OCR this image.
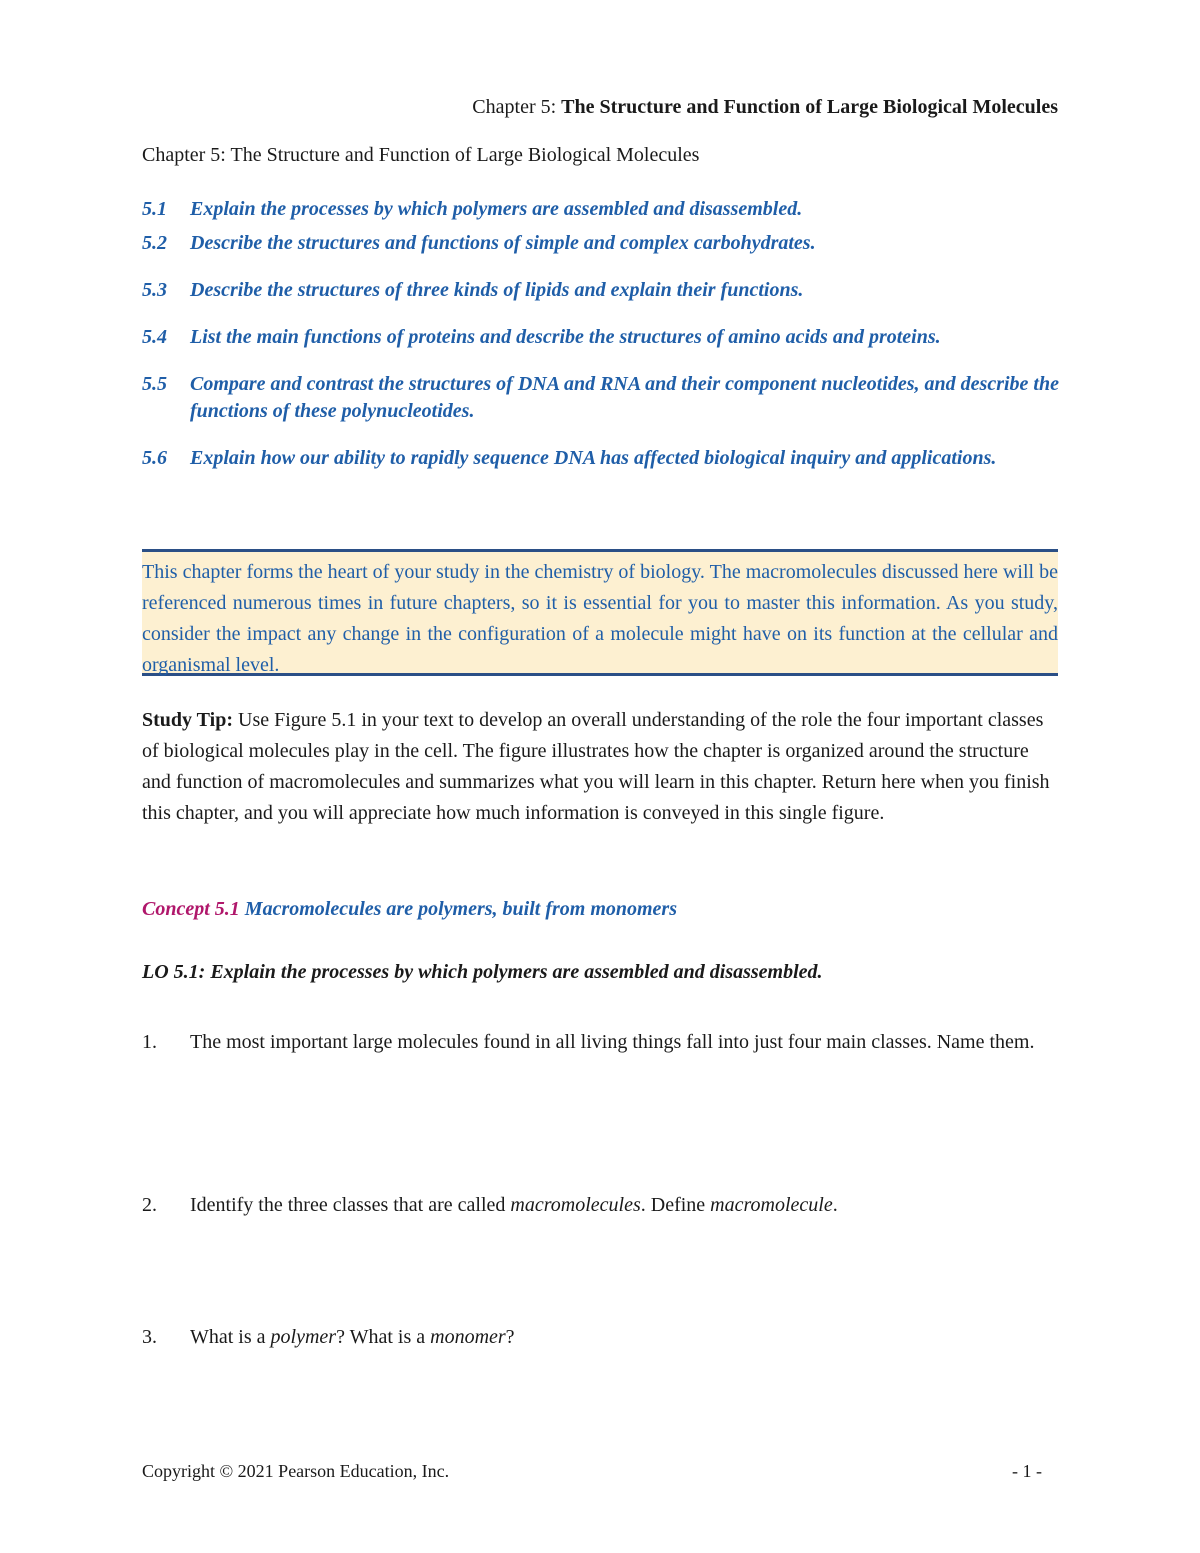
Chapter 5: The Structure and Function of Large Biological Molecules
Chapter 5: The Structure and Function of Large Biological Molecules
5.1	Explain the processes by which polymers are assembled and disassembled.
5.2	Describe the structures and functions of simple and complex carbohydrates.
5.3	Describe the structures of three kinds of lipids and explain their functions.
5.4	List the main functions of proteins and describe the structures of amino acids and proteins.
5.5	Compare and contrast the structures of DNA and RNA and their component nucleotides, and describe the functions of these polynucleotides.
5.6	Explain how our ability to rapidly sequence DNA has affected biological inquiry and applications.
This chapter forms the heart of your study in the chemistry of biology. The macromolecules discussed here will be referenced numerous times in future chapters, so it is essential for you to master this information. As you study, consider the impact any change in the configuration of a molecule might have on its function at the cellular and organismal level.
Study Tip: Use Figure 5.1 in your text to develop an overall understanding of the role the four important classes of biological molecules play in the cell. The figure illustrates how the chapter is organized around the structure and function of macromolecules and summarizes what you will learn in this chapter. Return here when you finish this chapter, and you will appreciate how much information is conveyed in this single figure.
Concept 5.1 Macromolecules are polymers, built from monomers
LO 5.1: Explain the processes by which polymers are assembled and disassembled.
1.	The most important large molecules found in all living things fall into just four main classes. Name them.
2.	Identify the three classes that are called macromolecules. Define macromolecule.
3.	What is a polymer? What is a monomer?
Copyright © 2021 Pearson Education, Inc.	- 1 -
